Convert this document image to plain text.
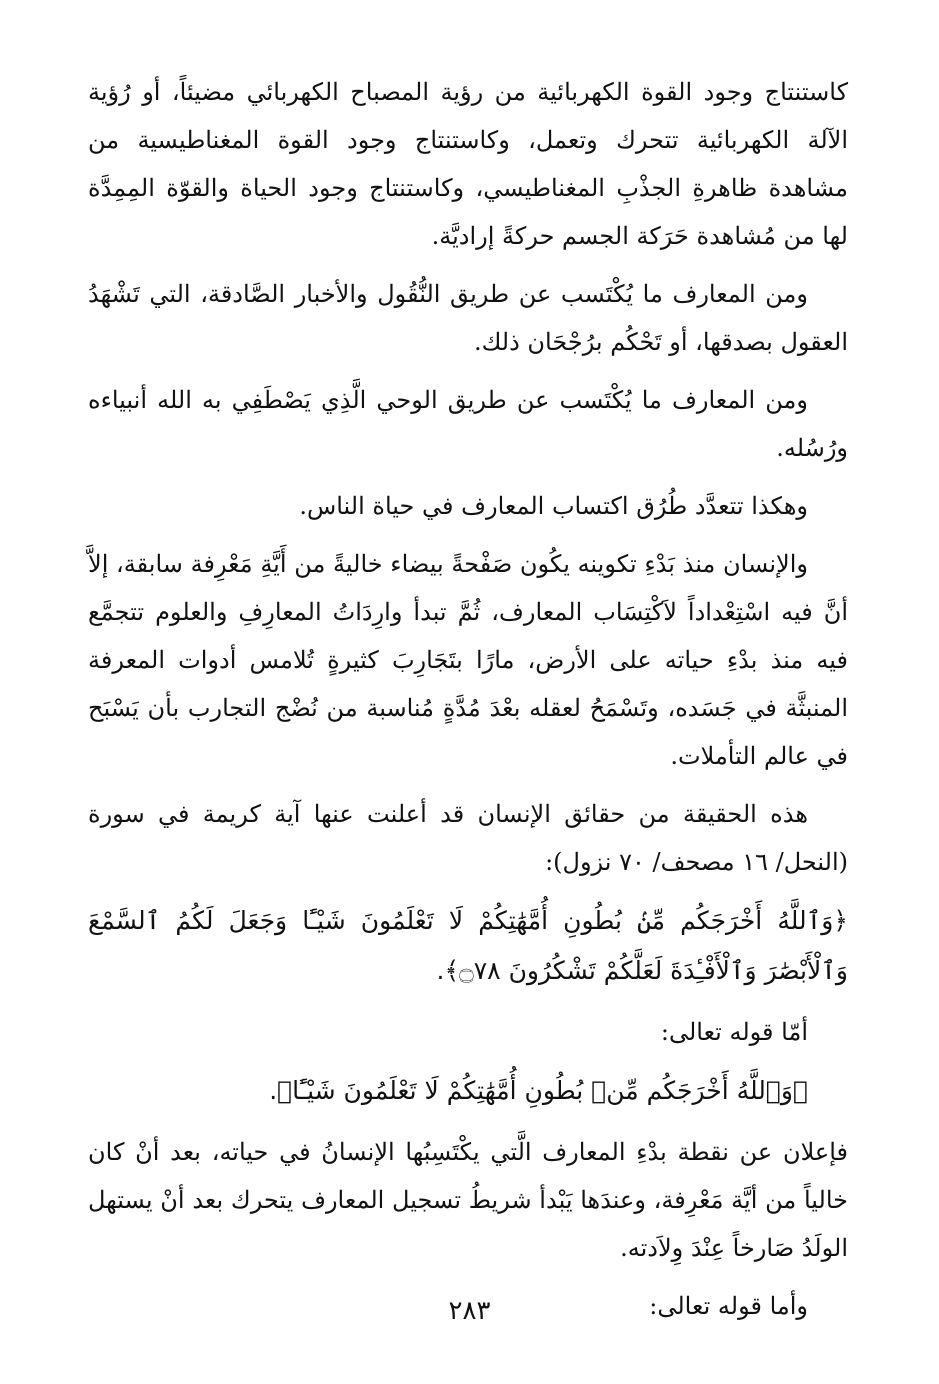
كاستنتاج وجود القوة الكهربائية من رؤية المصباح الكهربائي مضيئاً، أو رُؤية الآلة الكهربائية تتحرك وتعمل، وكاستنتاج وجود القوة المغناطيسية من مشاهدة ظاهرةِ الجذْبِ المغناطيسي، وكاستنتاج وجود الحياة والقوّة المِمِدَّة لها من مُشاهدة حَرَكة الجسم حركةً إراديَّة.

ومن المعارف ما يُكْتَسب عن طريق النُّقُول والأخبار الصَّادقة، التي تَشْهَدُ العقول بصدقها، أو تَحْكُم برُجْحَان ذلك.

ومن المعارف ما يُكْتَسب عن طريق الوحي الَّذِي يَصْطَفِي به الله أنبياءه ورُسُله.

وهكذا تتعدَّد طُرُق اكتساب المعارف في حياة الناس.

والإنسان منذ بَدْءِ تكوينه يكُون صَفْحةً بيضاء خاليةً من أَيَّةِ مَعْرِفة سابقة، إلاَّ أنَّ فيه اسْتِعْداداً لاَكْتِسَاب المعارف، ثُمَّ تبدأ وارِدَاتُ المعارِفِ والعلوم تتجمَّع فيه منذ بدْءِ حياته على الأرض، مارًا بتَجَارِبَ كثيرةٍ تُلامس أدوات المعرفة المنبثَّة في جَسَده، وتَسْمَحُ لعقله بعْدَ مُدَّةٍ مُناسبة من نُضْج التجارب بأن يَسْبَح في عالم التأملات.

هذه الحقيقة من حقائق الإنسان قد أعلنت عنها آية كريمة في سورة (النحل/ ١٦ مصحف/ ٧٠ نزول):

﴿وَٱللَّهُ أَخْرَجَكُم مِّنۢ بُطُونِ أُمَّهَٰتِكُمْ لَا تَعْلَمُونَ شَيْـًٔا وَجَعَلَ لَكُمُ ٱلسَّمْعَ وَٱلْأَبْصَٰرَ وَٱلْأَفْـِٔدَةَ لَعَلَّكُمْ تَشْكُرُونَ ۝٧٨﴾.

أمّا قوله تعالى:

﴿وَٱللَّهُ أَخْرَجَكُم مِّنۢ بُطُونِ أُمَّهَٰتِكُمْ لَا تَعْلَمُونَ شَيْـًٔا﴾.

فإعلان عن نقطة بدْءِ المعارف الَّتي يكْتَسِبُها الإنسانُ في حياته، بعد أنْ كان خالياً من أيَّة مَعْرِفة، وعندَها يَبْدأ شريطُ تسجيل المعارف يتحرك بعد أنْ يستهل الولَدُ صَارخاً عِنْدَ وِلاَدته.

وأما قوله تعالى:

٢٨٣
